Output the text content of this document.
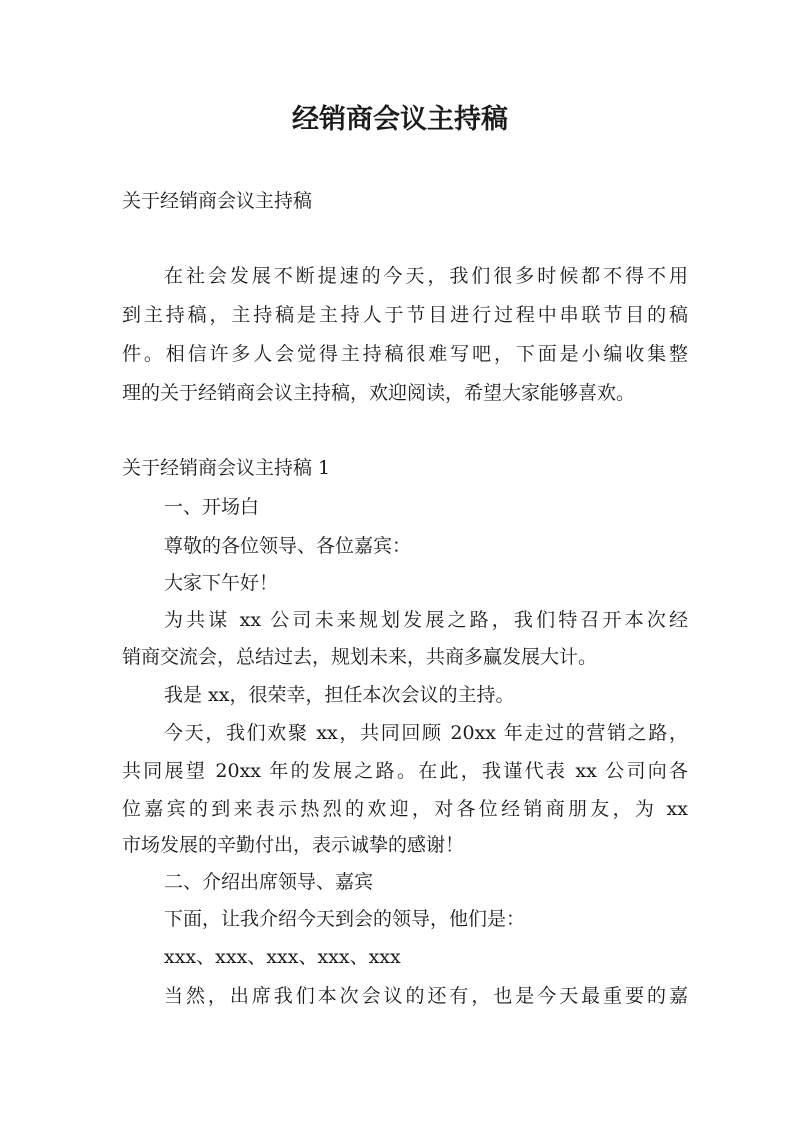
经销商会议主持稿

关于经销商会议主持稿

在社会发展不断提速的今天，我们很多时候都不得不用

到主持稿，主持稿是主持人于节目进行过程中串联节目的稿

件。相信许多人会觉得主持稿很难写吧，下面是小编收集整

理的关于经销商会议主持稿，欢迎阅读，希望大家能够喜欢。

关于经销商会议主持稿 1

一、开场白

尊敬的各位领导、各位嘉宾：

大家下午好！

为共谋 xx 公司未来规划发展之路，我们特召开本次经

销商交流会，总结过去，规划未来，共商多赢发展大计。

我是 xx，很荣幸，担任本次会议的主持。

今天，我们欢聚 xx，共同回顾 20xx 年走过的营销之路，

共同展望 20xx 年的发展之路。在此，我谨代表 xx 公司向各

位嘉宾的到来表示热烈的欢迎，对各位经销商朋友，为 xx

市场发展的辛勤付出，表示诚挚的感谢！

二、介绍出席领导、嘉宾

下面，让我介绍今天到会的领导，他们是：

xxx、xxx、xxx、xxx、xxx

当然，出席我们本次会议的还有，也是今天最重要的嘉
